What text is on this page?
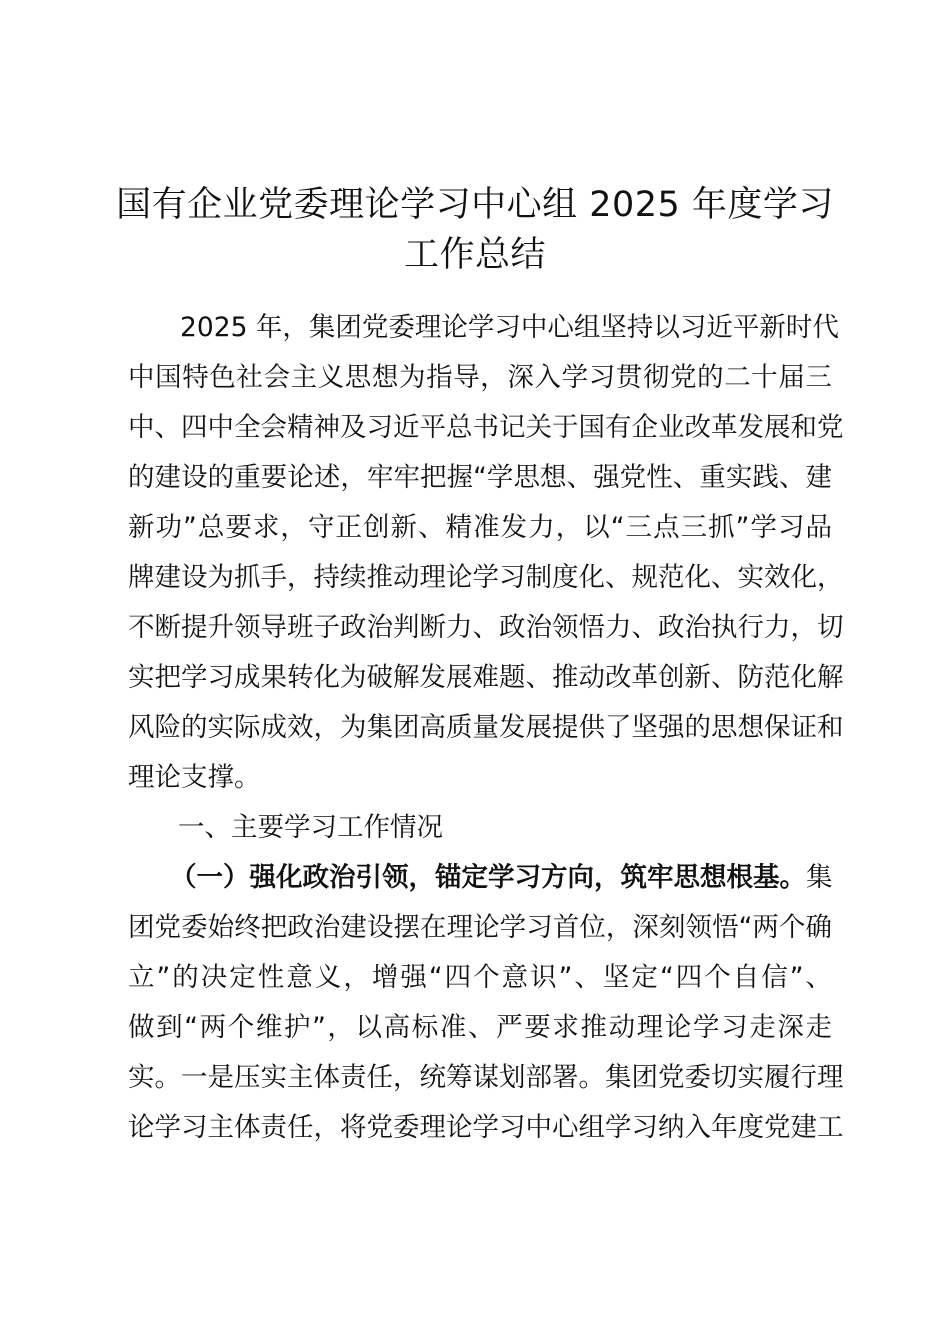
国有企业党委理论学习中心组 2025 年度学习
工作总结
2025 年，集团党委理论学习中心组坚持以习近平新时代
中国特色社会主义思想为指导，深入学习贯彻党的二十届三
中、四中全会精神及习近平总书记关于国有企业改革发展和党
的建设的重要论述，牢牢把握“学思想、强党性、重实践、建
新功”总要求，守正创新、精准发力，以“三点三抓”学习品
牌建设为抓手，持续推动理论学习制度化、规范化、实效化，
不断提升领导班子政治判断力、政治领悟力、政治执行力，切
实把学习成果转化为破解发展难题、推动改革创新、防范化解
风险的实际成效，为集团高质量发展提供了坚强的思想保证和
理论支撑。
一、主要学习工作情况
（一）强化政治引领，锚定学习方向，筑牢思想根基。集
团党委始终把政治建设摆在理论学习首位，深刻领悟“两个确
立”的决定性意义，增强“四个意识”、坚定“四个自信”、
做到“两个维护”，以高标准、严要求推动理论学习走深走
实。一是压实主体责任，统筹谋划部署。集团党委切实履行理
论学习主体责任，将党委理论学习中心组学习纳入年度党建工
